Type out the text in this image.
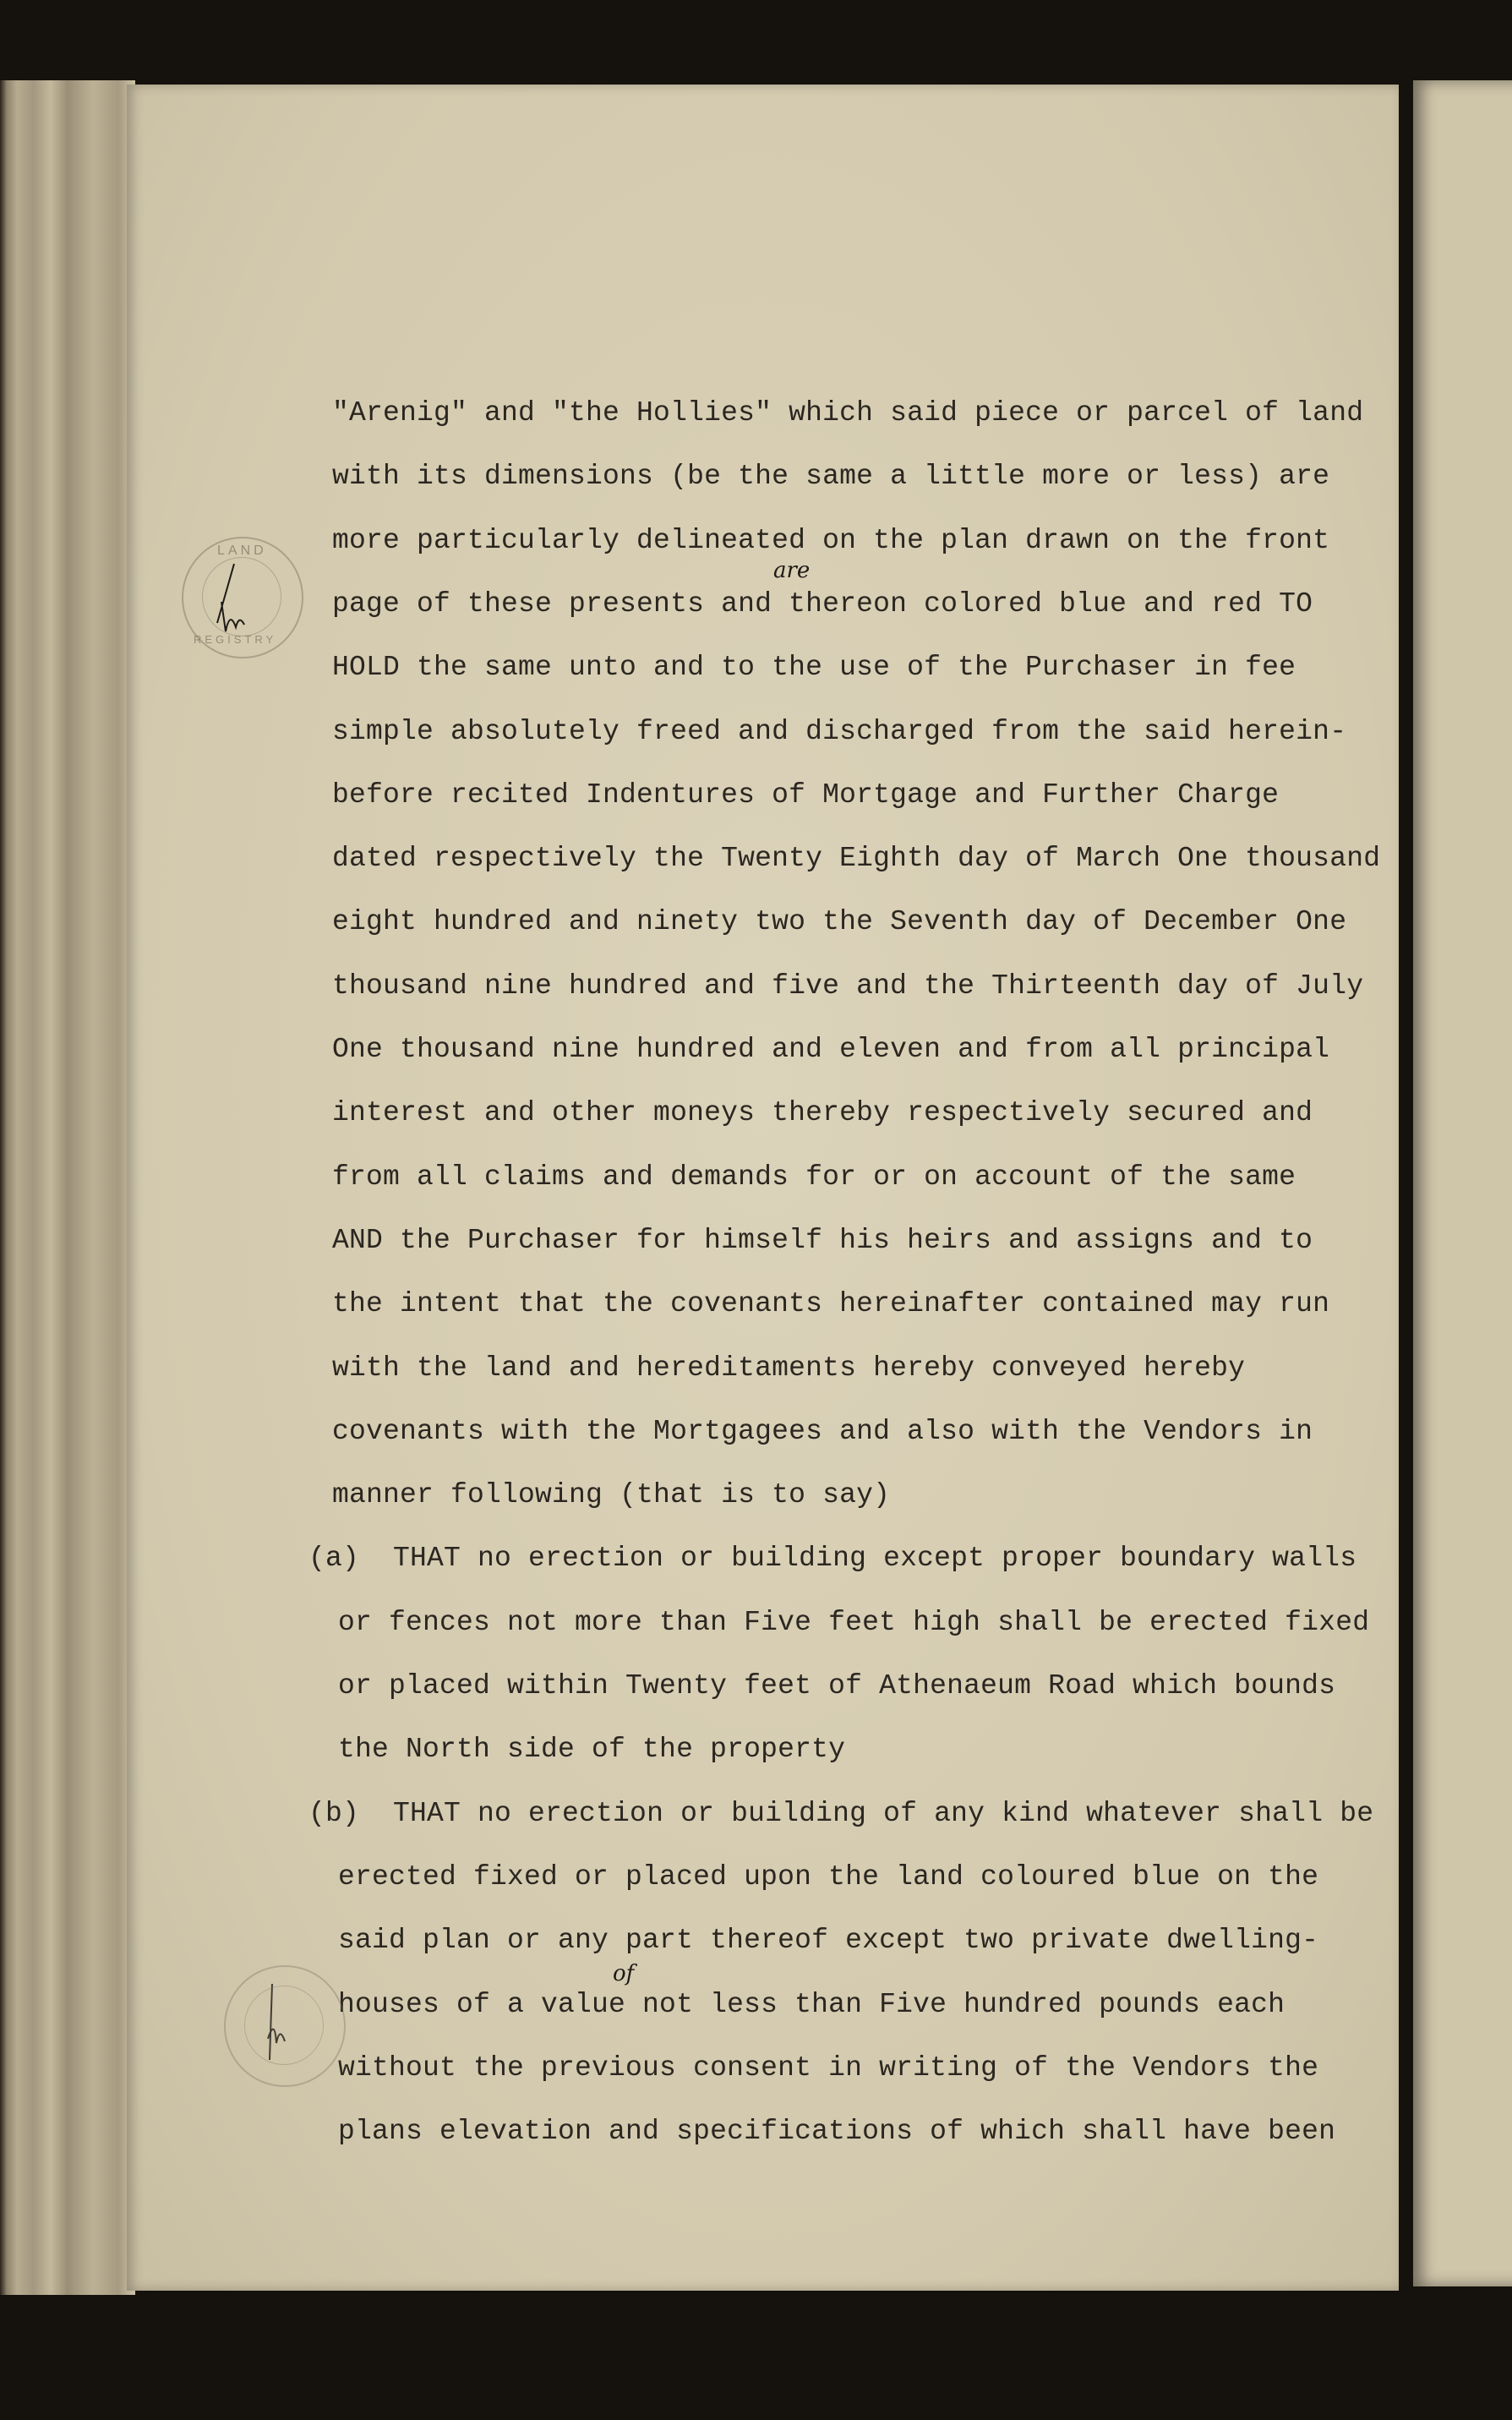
"Arenig" and "the Hollies" which said piece or parcel of land
with its dimensions (be the same a little more or less) are
more particularly delineated on the plan drawn on the front
page of these presents and thereon colored blue and red TO
HOLD the same unto and to the use of the Purchaser in fee
simple absolutely freed and discharged from the said herein-
before recited Indentures of Mortgage and Further Charge
dated respectively the Twenty Eighth day of March One thousand
eight hundred and ninety two the Seventh day of December One
thousand nine hundred and five and the Thirteenth day of July
One thousand nine hundred and eleven and from all principal
interest and other moneys thereby respectively secured and
from all claims and demands for or on account of the same
AND the Purchaser for himself his heirs and assigns and to
the intent that the covenants hereinafter contained may run
with the land and hereditaments hereby conveyed hereby
covenants with the Mortgagees and also with the Vendors in
manner following (that is to say)
(a)  THAT no erection or building except proper boundary walls
or fences not more than Five feet high shall be erected fixed
or placed within Twenty feet of Athenaeum Road which bounds
the North side of the property
(b)  THAT no erection or building of any kind whatever shall be
erected fixed or placed upon the land coloured blue on the
said plan or any part thereof except two private dwelling-
houses of a value not less than Five hundred pounds each
without the previous consent in writing of the Vendors the
plans elevation and specifications of which shall have been
are
of
LAND
REGISTRY
